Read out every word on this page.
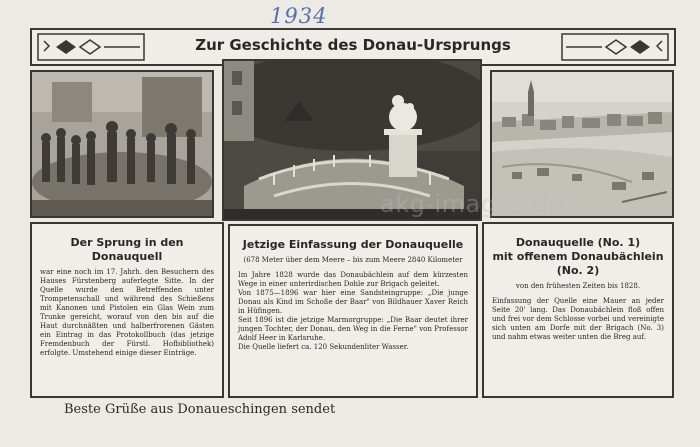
1934
Zur Geschichte des Donau-Ursprungs
Der Sprung in den Donauquell
war eine noch im 17. Jahrh. den Besuchern des Hauses Fürstenberg auferlegte Sitte. In der Quelle wurde den Betreffenden unter Trompetenschall und während des Schießens mit Kanonen und Pistolen ein Glas Wein zum Trunke gereicht, worauf von den bis auf die Haut durchnäßten und halberfrorenen Gästen ein Eintrag in das Protokollbuch (das jetzige Fremdenbuch der Fürstl. Hofbibliothek) erfolgte. Umstehend einige dieser Einträge.
Jetzige Einfassung der Donauquelle
(678 Meter über dem Meere – bis zum Meere 2840 Kilometer
Im Jahre 1828 wurde das Donaubächlein auf dem kürzesten Wege in einer unterirdischen Dohle zur Brigach geleitet.
Von 1875—1896 war hier eine Sandsteingruppe: „Die junge Donau als Kind im Schoße der Baar" von Bildhauer Xaver Reich in Hüfingen.
Seit 1896 ist die jetzige Marmorgruppe: „Die Baar deutet ihrer jungen Tochter, der Donau, den Weg in die Ferne" von Professor Adolf Heer in Karlsruhe.
Die Quelle liefert ca. 120 Sekundenliter Wasser.
Donauquelle (No. 1)
mit offenem Donaubächlein (No. 2)
von den frühesten Zeiten bis 1828.
Einfassung der Quelle eine Mauer an jeder Seite 20' lang. Das Donaubächlein floß offen und frei vor dem Schlosse vorbei und vereinigte sich unten am Dorfe mit der Brigach (No. 3) und nahm etwas weiter unten die Breg auf.
Beste Grüße aus Donaueschingen sendet
akg-images.de
